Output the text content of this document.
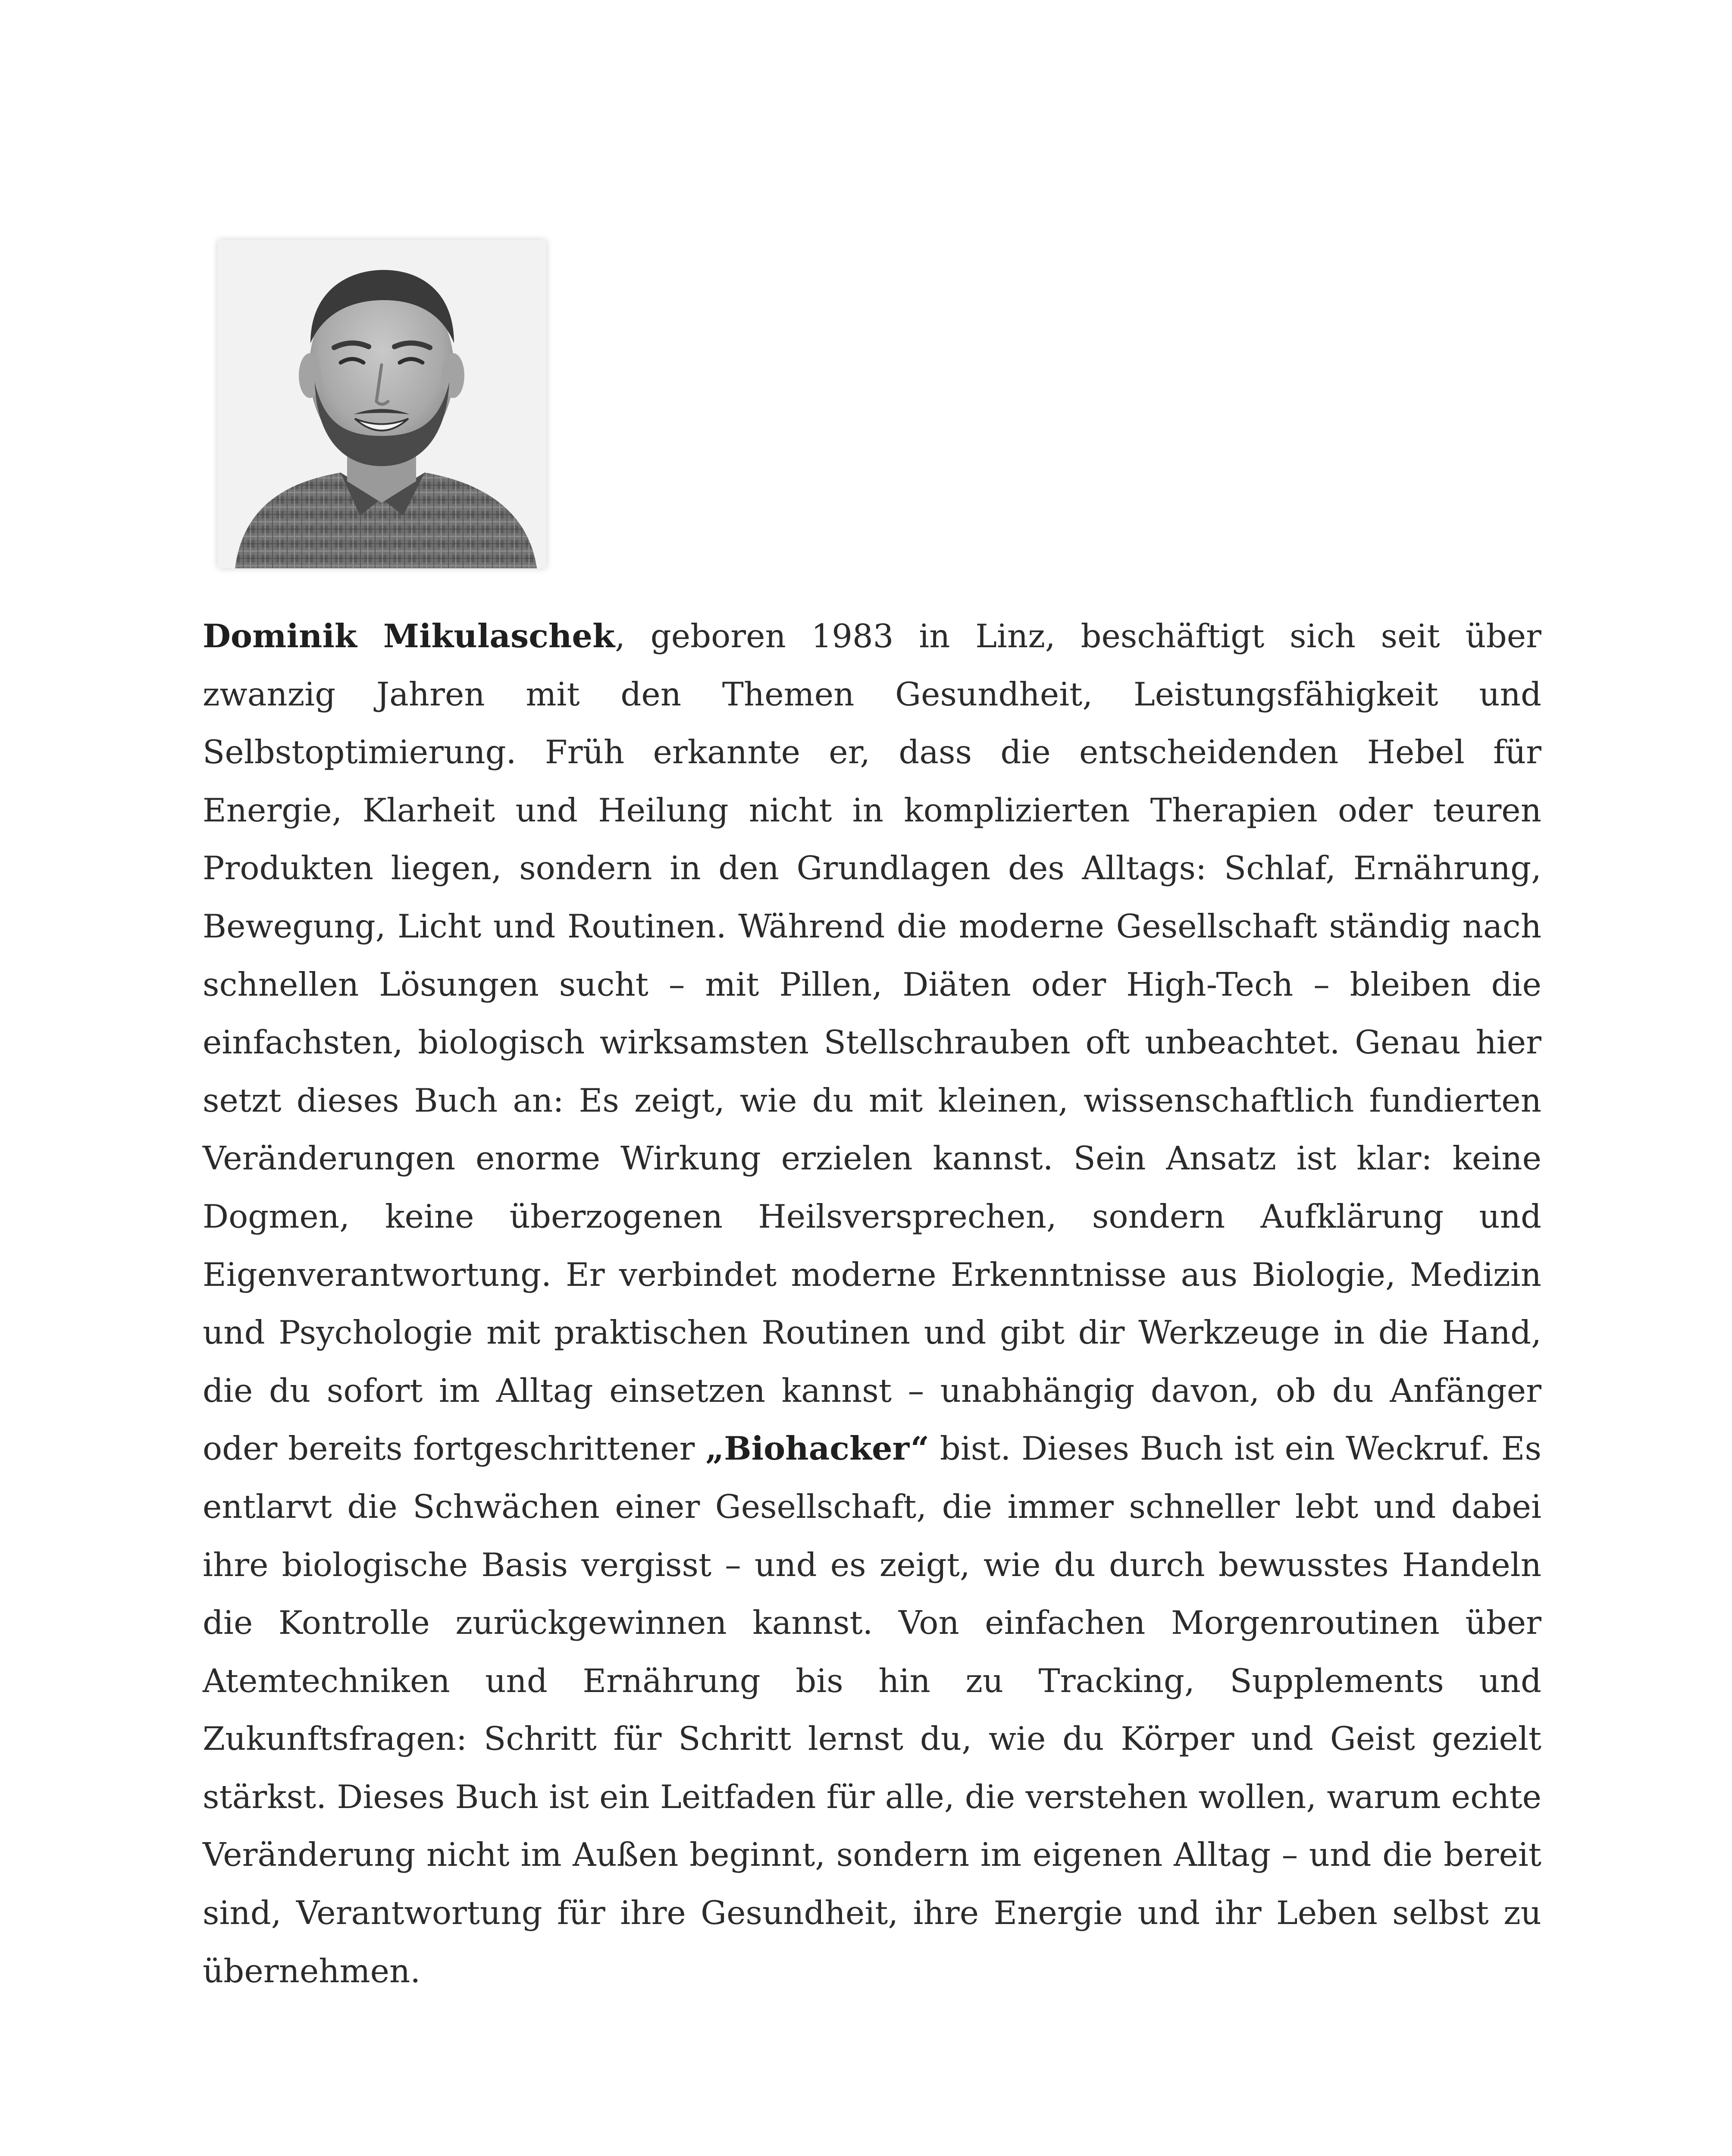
Dominik Mikulaschek, geboren 1983 in Linz, beschäftigt sich seit über zwanzig Jahren mit den Themen Gesundheit, Leistungsfähigkeit und Selbstoptimierung. Früh erkannte er, dass die entscheidenden Hebel für Energie, Klarheit und Heilung nicht in komplizierten Therapien oder teuren Produkten liegen, sondern in den Grundlagen des Alltags: Schlaf, Ernährung, Bewegung, Licht und Routinen. Während die moderne Gesellschaft ständig nach schnellen Lösungen sucht – mit Pillen, Diäten oder High-Tech – bleiben die einfachsten, biologisch wirksamsten Stellschrauben oft unbeachtet. Genau hier setzt dieses Buch an: Es zeigt, wie du mit kleinen, wissenschaftlich fundierten Veränderungen enorme Wirkung erzielen kannst. Sein Ansatz ist klar: keine Dogmen, keine überzogenen Heilsversprechen, sondern Aufklärung und Eigenverantwortung. Er verbindet moderne Erkenntnisse aus Biologie, Medizin und Psychologie mit praktischen Routinen und gibt dir Werkzeuge in die Hand, die du sofort im Alltag einsetzen kannst – unabhängig davon, ob du Anfänger oder bereits fortgeschrittener „Biohacker“ bist. Dieses Buch ist ein Weckruf. Es entlarvt die Schwächen einer Gesellschaft, die immer schneller lebt und dabei ihre biologische Basis vergisst – und es zeigt, wie du durch bewusstes Handeln die Kontrolle zurückgewinnen kannst. Von einfachen Morgenroutinen über Atemtechniken und Ernährung bis hin zu Tracking, Supplements und Zukunftsfragen: Schritt für Schritt lernst du, wie du Körper und Geist gezielt stärkst. Dieses Buch ist ein Leitfaden für alle, die verstehen wollen, warum echte Veränderung nicht im Außen beginnt, sondern im eigenen Alltag – und die bereit sind, Verantwortung für ihre Gesundheit, ihre Energie und ihr Leben selbst zu übernehmen.
